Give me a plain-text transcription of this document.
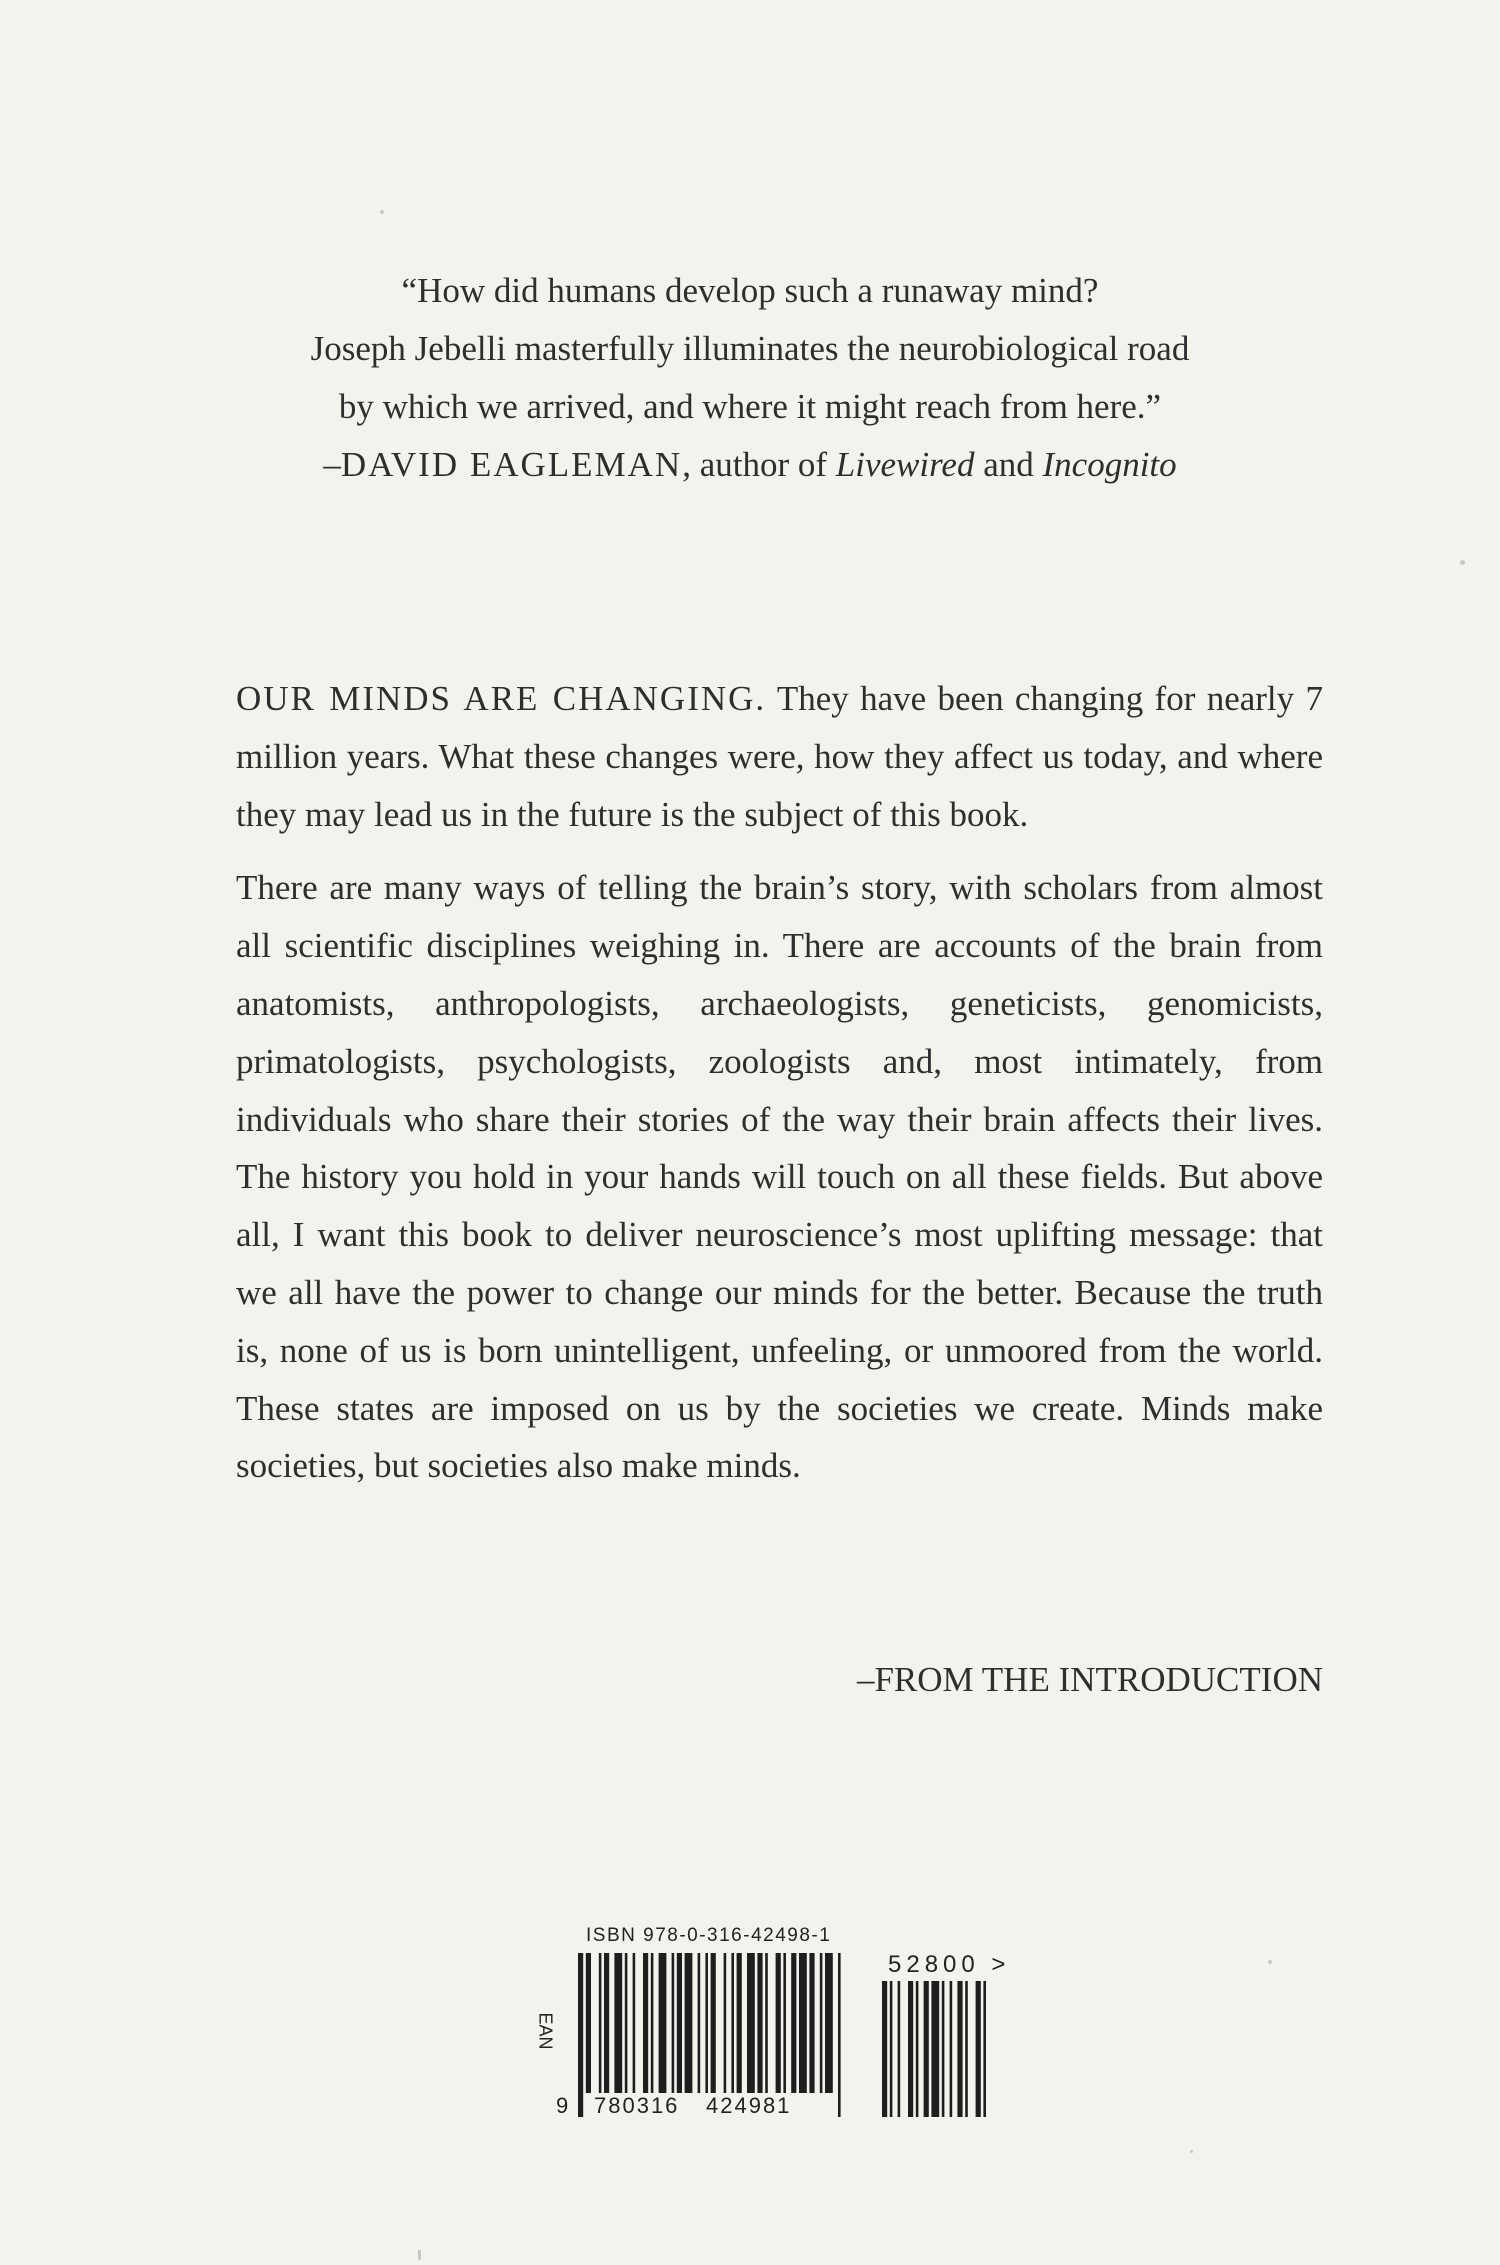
“How did humans develop such a runaway mind?

Joseph Jebelli masterfully illuminates the neurobiological road

by which we arrived, and where it might reach from here.”

–DAVID EAGLEMAN, author of Livewired and Incognito

OUR MINDS ARE CHANGING. They have been changing for nearly 7 million years. What these changes were, how they affect us today, and where they may lead us in the future is the subject of this book.

There are many ways of telling the brain’s story, with scholars from almost all scientific disciplines weighing in. There are accounts of the brain from anatomists, anthropologists, archaeologists, geneticists, genomicists, primatologists, psychologists, zoologists and, most intimately, from individuals who share their stories of the way their brain affects their lives. The history you hold in your hands will touch on all these fields. But above all, I want this book to deliver neuroscience’s most uplifting message: that we all have the power to change our minds for the better. Because the truth is, none of us is born unintelligent, unfeeling, or unmoored from the world. These states are imposed on us by the societies we create. Minds make societies, but societies also make minds.

–FROM THE INTRODUCTION
ISBN 978-0-316-42498-1
EAN
9 780316 424981
52800 >
